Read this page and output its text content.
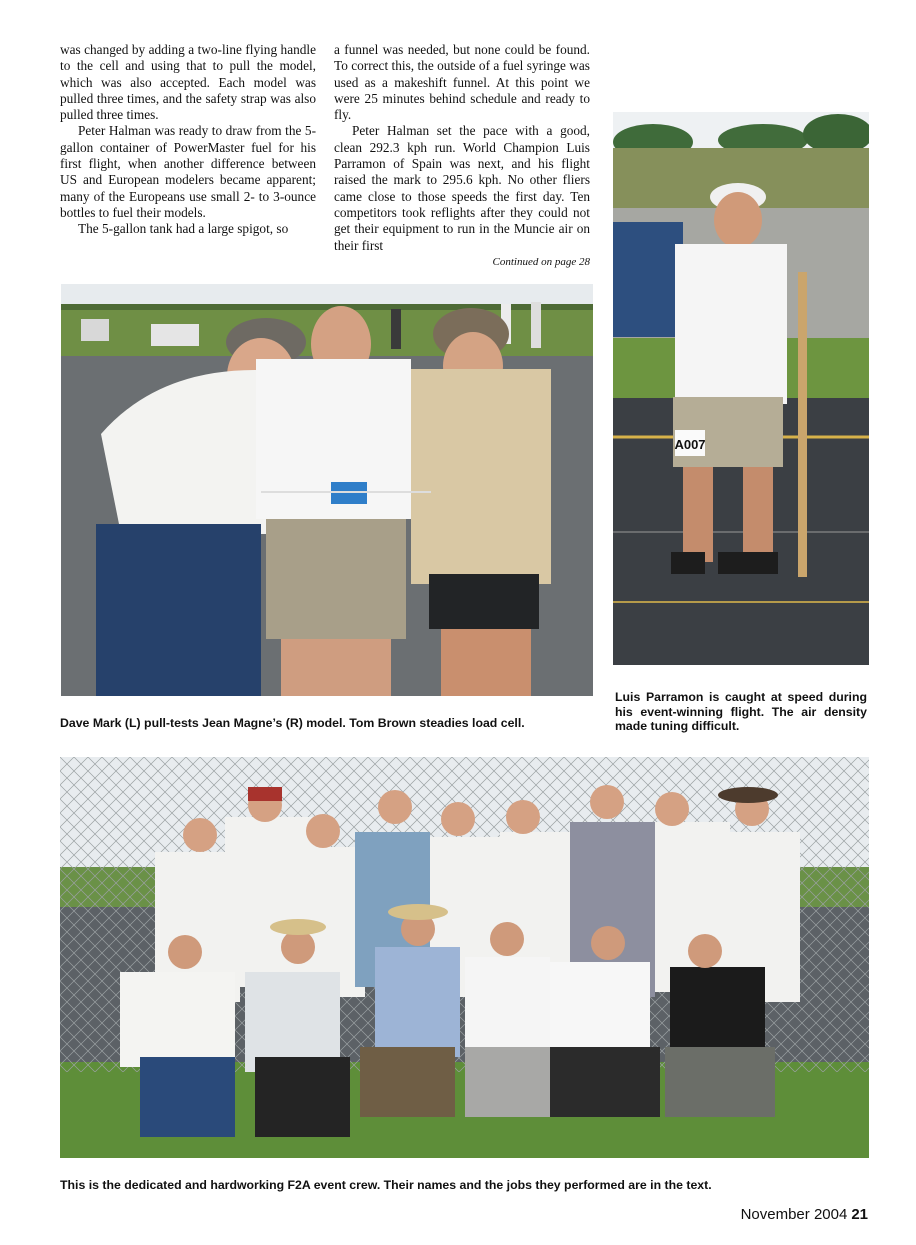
was changed by adding a two-line flying handle to the cell and using that to pull the model, which was also accepted. Each model was pulled three times, and the safety strap was also pulled three times.

Peter Halman was ready to draw from the 5-gallon container of PowerMaster fuel for his first flight, when another difference between US and European modelers became apparent; many of the Europeans use small 2- to 3-ounce bottles to fuel their models.

The 5-gallon tank had a large spigot, so

a funnel was needed, but none could be found. To correct this, the outside of a fuel syringe was used as a makeshift funnel. At this point we were 25 minutes behind schedule and ready to fly.

Peter Halman set the pace with a good, clean 292.3 kph run. World Champion Luis Parramon of Spain was next, and his flight raised the mark to 295.6 kph. No other fliers came close to those speeds the first day. Ten competitors took reflights after they could not get their equipment to run in the Muncie air on their first

Continued on page 28
Dave Mark (L) pull-tests Jean Magne’s (R) model. Tom Brown steadies load cell.
A007
Luis Parramon is caught at speed during his event-winning flight. The air density made tuning difficult.
This is the dedicated and hardworking F2A event crew. Their names and the jobs they performed are in the text.
November 2004 21
